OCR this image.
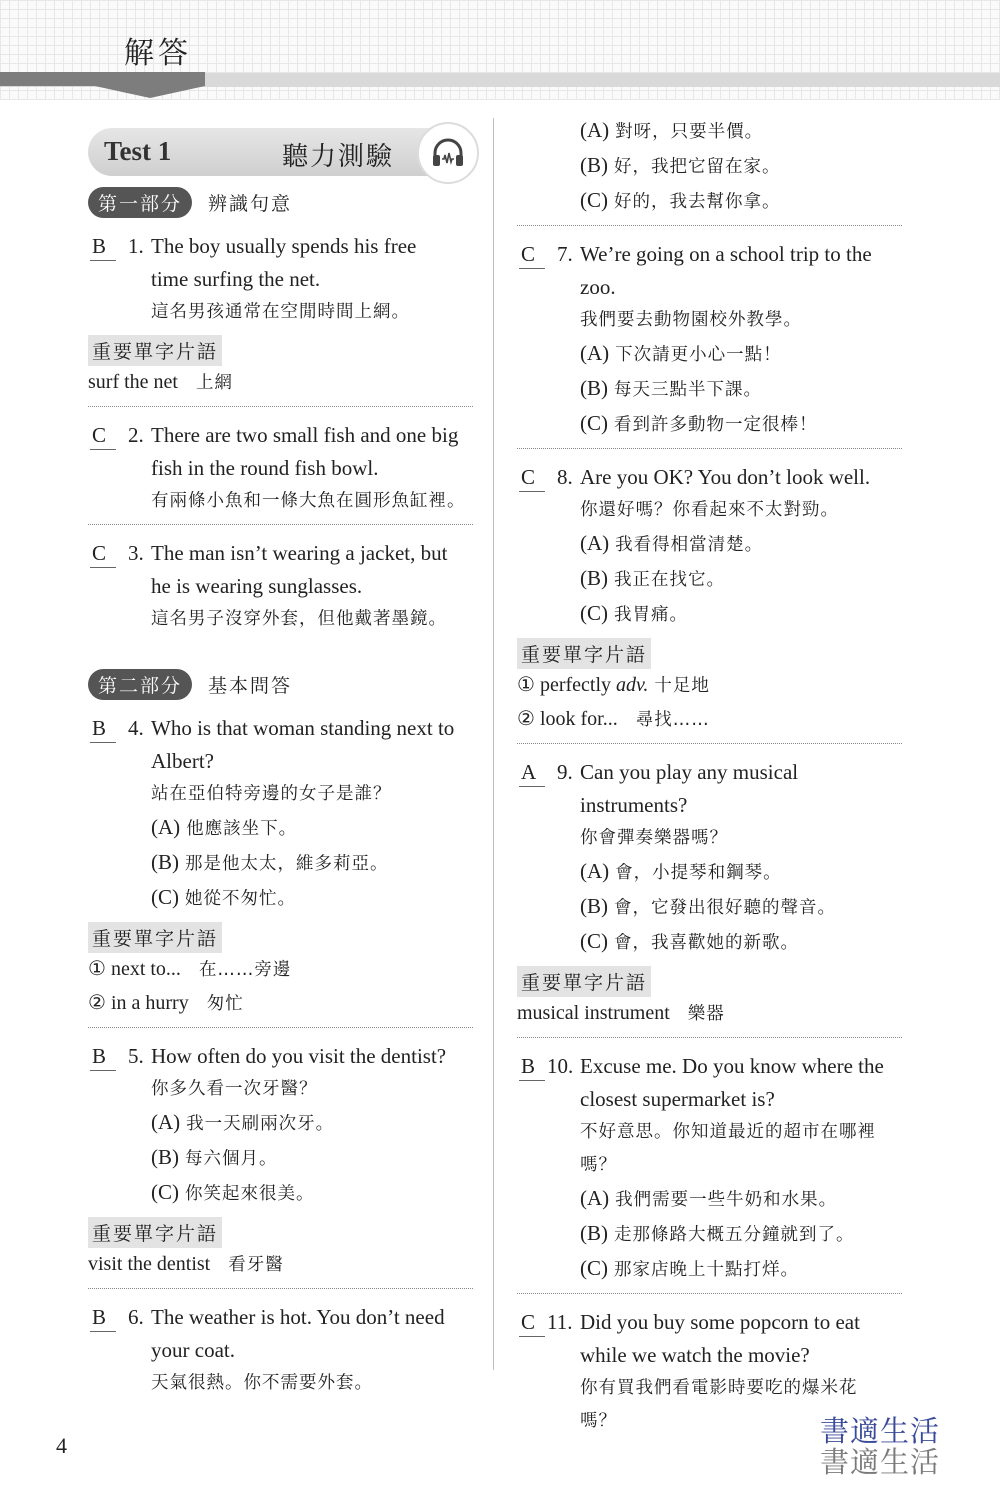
解答
Test 1	聽力測驗
第一部分	辨識句意
B	1. The boy usually spends his free
time surfing the net.
這名男孩通常在空閒時間上網。
重要單字片語
surf the net 上網
C	2. There are two small fish and one big
fish in the round fish bowl.
有兩條小魚和一條大魚在圓形魚缸裡。
C	3. The man isn’t wearing a jacket, but
he is wearing sunglasses.
這名男子沒穿外套，但他戴著墨鏡。
第二部分	基本問答
B	4. Who is that woman standing next to
Albert?
站在亞伯特旁邊的女子是誰？
(A) 他應該坐下。
(B) 那是他太太，維多莉亞。
(C) 她從不匆忙。
重要單字片語
① next to... 在……旁邊
② in a hurry 匆忙
B	5. How often do you visit the dentist?
你多久看一次牙醫？
(A) 我一天刷兩次牙。
(B) 每六個月。
(C) 你笑起來很美。
重要單字片語
visit the dentist 看牙醫
B	6. The weather is hot. You don’t need
your coat.
天氣很熱。你不需要外套。
(A) 對呀，只要半價。
(B) 好，我把它留在家。
(C) 好的，我去幫你拿。
C	7. We’re going on a school trip to the
zoo.
我們要去動物園校外教學。
(A) 下次請更小心一點！
(B) 每天三點半下課。
(C) 看到許多動物一定很棒！
C	8. Are you OK? You don’t look well.
你還好嗎？你看起來不太對勁。
(A) 我看得相當清楚。
(B) 我正在找它。
(C) 我胃痛。
重要單字片語
① perfectly adv. 十足地
② look for... 尋找……
A 9. Can you play any musical
instruments?
你會彈奏樂器嗎？
(A) 會，小提琴和鋼琴。
(B) 會，它發出很好聽的聲音。
(C) 會，我喜歡她的新歌。
重要單字片語
musical instrument 樂器
B 10. Excuse me. Do you know where the
closest supermarket is?
不好意思。你知道最近的超市在哪裡
嗎？
(A) 我們需要一些牛奶和水果。
(B) 走那條路大概五分鐘就到了。
(C) 那家店晚上十點打烊。
C 11. Did you buy some popcorn to eat
while we watch the movie?
你有買我們看電影時要吃的爆米花
嗎？
4	書適生活
書適生活
